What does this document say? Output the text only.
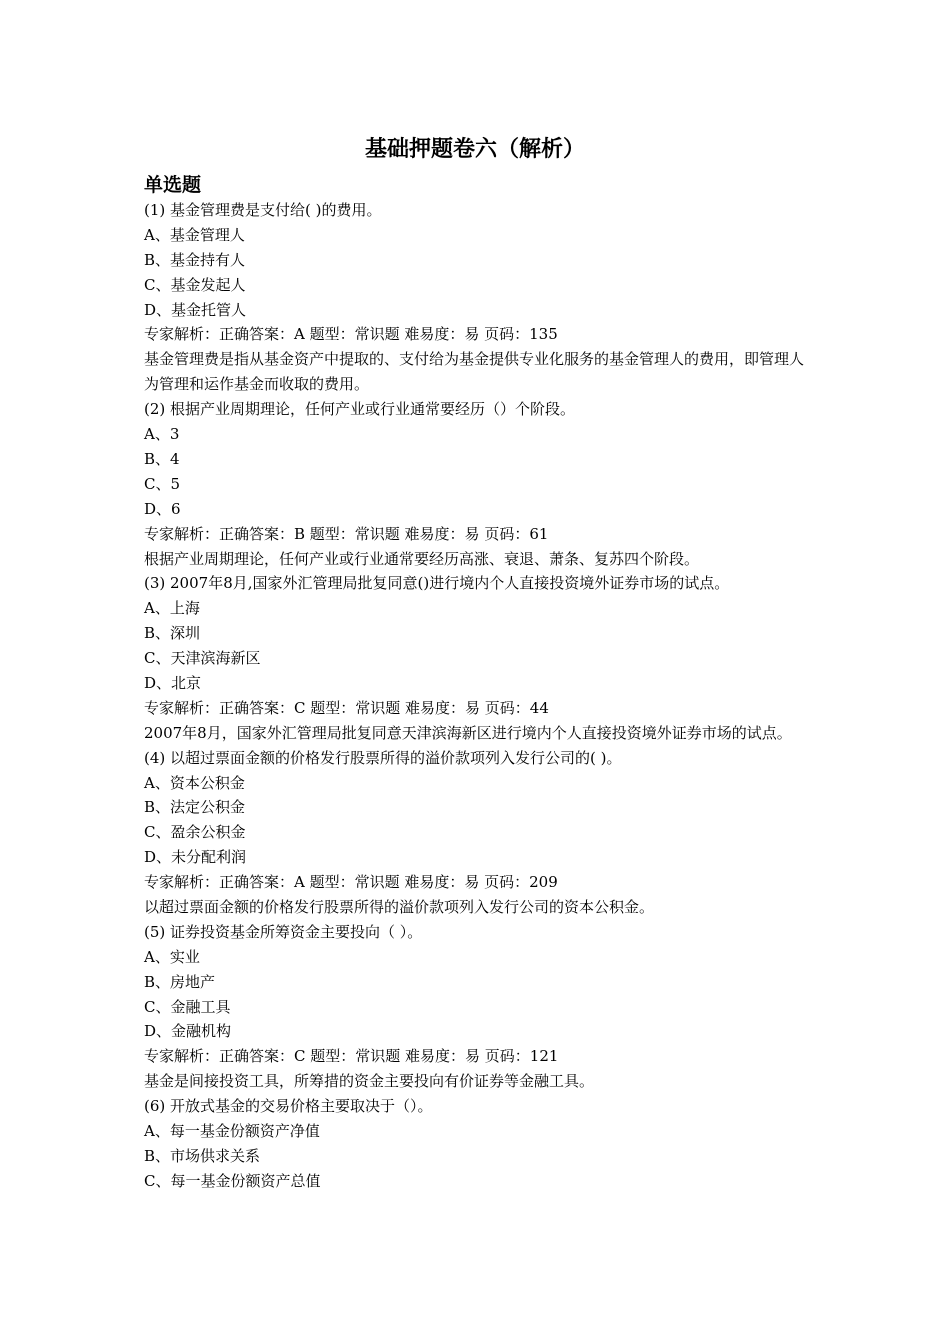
基础押题卷六（解析）
单选题
(1) 基金管理费是支付给( )的费用。
A、基金管理人
B、基金持有人
C、基金发起人
D、基金托管人
专家解析：正确答案：A 题型：常识题 难易度：易 页码：135
基金管理费是指从基金资产中提取的、支付给为基金提供专业化服务的基金管理人的费用，即管理人为管理和运作基金而收取的费用。
(2) 根据产业周期理论，任何产业或行业通常要经历（）个阶段。
A、3
B、4
C、5
D、6
专家解析：正确答案：B 题型：常识题 难易度：易 页码：61
根据产业周期理论，任何产业或行业通常要经历高涨、衰退、萧条、复苏四个阶段。
(3) 2007年8月,国家外汇管理局批复同意()进行境内个人直接投资境外证券市场的试点。
A、上海
B、深圳
C、天津滨海新区
D、北京
专家解析：正确答案：C 题型：常识题 难易度：易 页码：44
2007年8月，国家外汇管理局批复同意天津滨海新区进行境内个人直接投资境外证券市场的试点。
(4) 以超过票面金额的价格发行股票所得的溢价款项列入发行公司的( )。
A、资本公积金
B、法定公积金
C、盈余公积金
D、未分配利润
专家解析：正确答案：A 题型：常识题 难易度：易 页码：209
以超过票面金额的价格发行股票所得的溢价款项列入发行公司的资本公积金。
(5) 证券投资基金所筹资金主要投向（ ）。
A、实业
B、房地产
C、金融工具
D、金融机构
专家解析：正确答案：C 题型：常识题 难易度：易 页码：121
基金是间接投资工具，所筹措的资金主要投向有价证券等金融工具。
(6) 开放式基金的交易价格主要取决于（）。
A、每一基金份额资产净值
B、市场供求关系
C、每一基金份额资产总值
